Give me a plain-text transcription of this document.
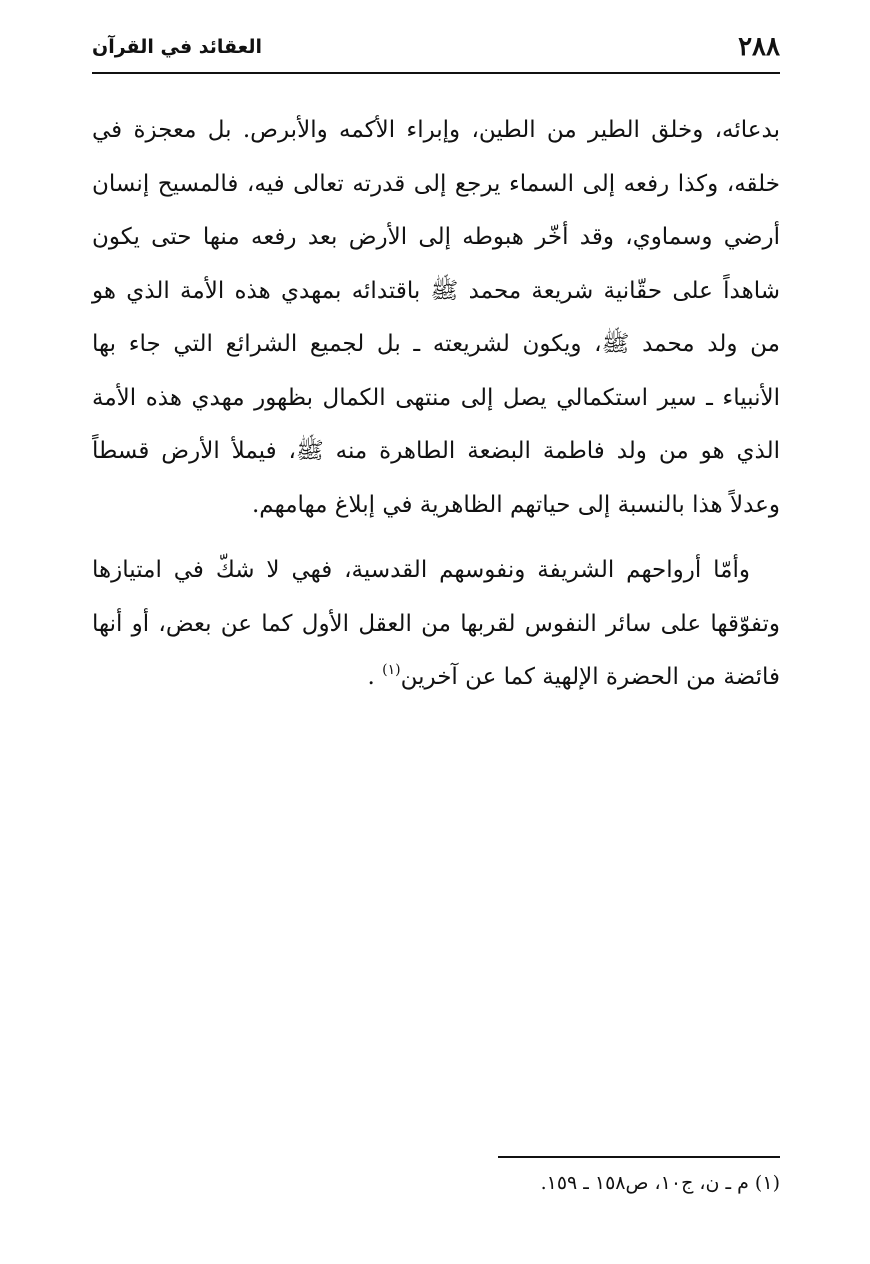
٢٨٨
العقائد في القرآن

بدعائه، وخلق الطير من الطين، وإبراء الأكمه والأبرص. بل معجزة في خلقه، وكذا رفعه إلى السماء يرجع إلى قدرته تعالى فيه، فالمسيح إنسان أرضي وسماوي، وقد أخّر هبوطه إلى الأرض بعد رفعه منها حتى يكون شاهداً على حقّانية شريعة محمد ﷺ باقتدائه بمهدي هذه الأمة الذي هو من ولد محمد ﷺ، ويكون لشريعته ـ بل لجميع الشرائع التي جاء بها الأنبياء ـ سير استكمالي يصل إلى منتهى الكمال بظهور مهدي هذه الأمة الذي هو من ولد فاطمة البضعة الطاهرة منه ﷺ، فيملأ الأرض قسطاً وعدلاً هذا بالنسبة إلى حياتهم الظاهرية في إبلاغ مهامهم.

وأمّا أرواحهم الشريفة ونفوسهم القدسية، فهي لا شكّ في امتيازها وتفوّقها على سائر النفوس لقربها من العقل الأول كما عن بعض، أو أنها فائضة من الحضرة الإلهية كما عن آخرين$^{(١)}$ .

(١) م ـ ن، ج١٠، ص١٥٨ ـ ١٥٩.
